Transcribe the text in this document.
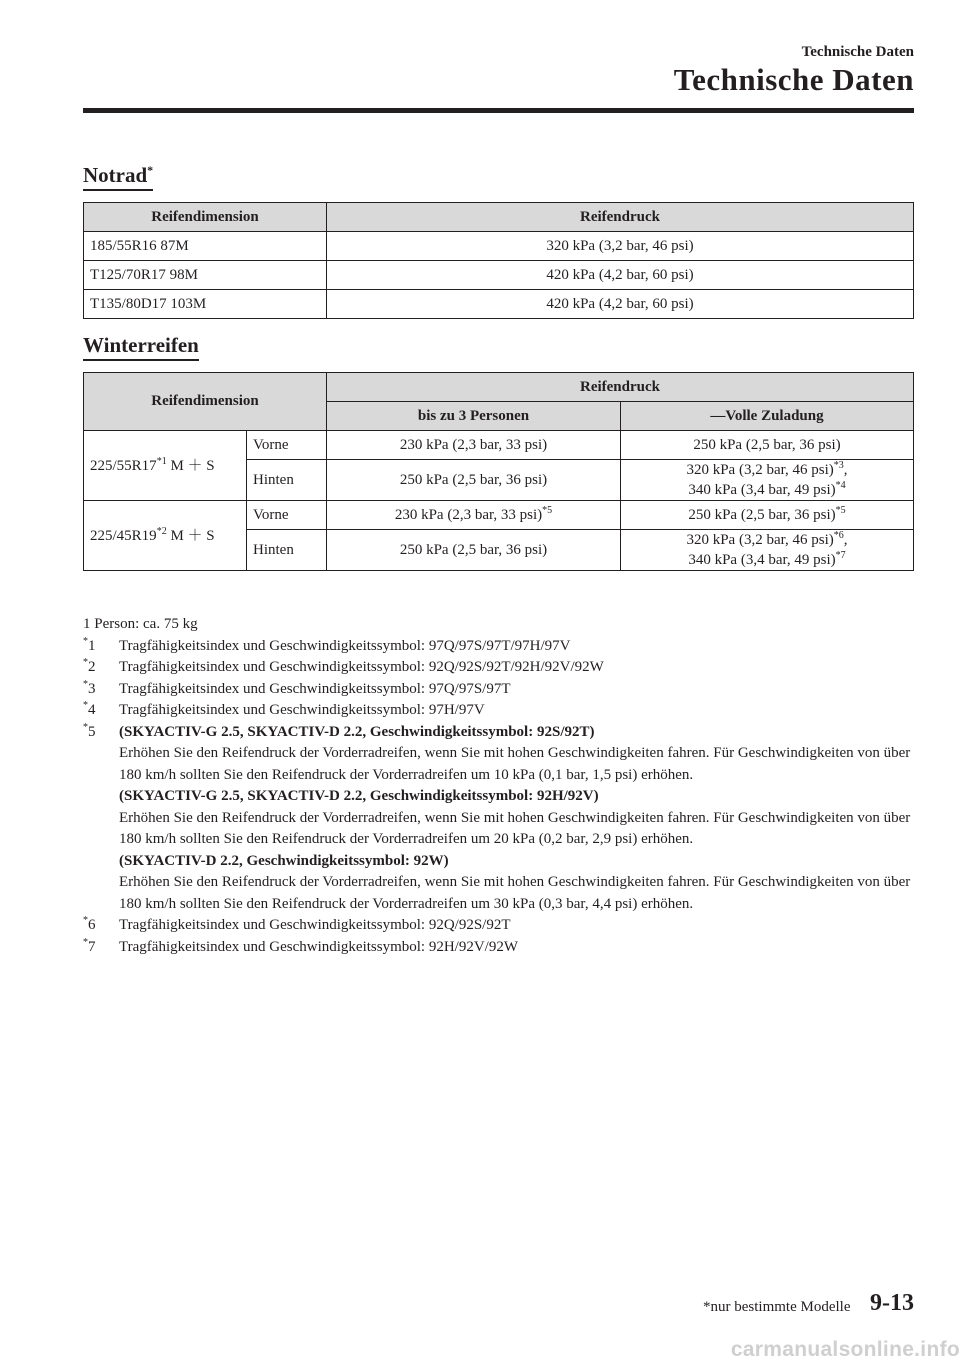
Technische Daten
Technische Daten
Notrad*
Reifendimension	Reifendruck
185/55R16 87M	320 kPa (3,2 bar, 46 psi)
T125/70R17 98M	420 kPa (4,2 bar, 60 psi)
T135/80D17 103M	420 kPa (4,2 bar, 60 psi)
Winterreifen
Reifendimension		Reifendruck	
		bis zu 3 Personen	―Volle Zuladung
225/55R17$^{*1}$ M ＋ S	Vorne	230 kPa (2,3 bar, 33 psi)	250 kPa (2,5 bar, 36 psi)
	Hinten	250 kPa (2,5 bar, 36 psi)	320 kPa (3,2 bar, 46 psi)$^{*3}$,
340 kPa (3,4 bar, 49 psi)$^{*4}$
225/45R19$^{*2}$ M ＋ S	Vorne	230 kPa (2,3 bar, 33 psi)$^{*5}$	250 kPa (2,5 bar, 36 psi)$^{*5}$
	Hinten	250 kPa (2,5 bar, 36 psi)	320 kPa (3,2 bar, 46 psi)$^{*6}$,
340 kPa (3,4 bar, 49 psi)$^{*7}$
1 Person: ca. 75 kg
*1	Tragfähigkeitsindex und Geschwindigkeitssymbol: 97Q/97S/97T/97H/97V
*2	Tragfähigkeitsindex und Geschwindigkeitssymbol: 92Q/92S/92T/92H/92V/92W
*3	Tragfähigkeitsindex und Geschwindigkeitssymbol: 97Q/97S/97T
*4	Tragfähigkeitsindex und Geschwindigkeitssymbol: 97H/97V
*5	(SKYACTIV-G 2.5, SKYACTIV-D 2.2, Geschwindigkeitssymbol: 92S/92T)
Erhöhen Sie den Reifendruck der Vorderradreifen, wenn Sie mit hohen Geschwindigkeiten fahren. Für Geschwindigkeiten von über 180 km/h sollten Sie den Reifendruck der Vorderradreifen um 10 kPa (0,1 bar, 1,5 psi) erhöhen.
(SKYACTIV-G 2.5, SKYACTIV-D 2.2, Geschwindigkeitssymbol: 92H/92V)
Erhöhen Sie den Reifendruck der Vorderradreifen, wenn Sie mit hohen Geschwindigkeiten fahren. Für Geschwindigkeiten von über 180 km/h sollten Sie den Reifendruck der Vorderradreifen um 20 kPa (0,2 bar, 2,9 psi) erhöhen.
(SKYACTIV-D 2.2, Geschwindigkeitssymbol: 92W)
Erhöhen Sie den Reifendruck der Vorderradreifen, wenn Sie mit hohen Geschwindigkeiten fahren. Für Geschwindigkeiten von über 180 km/h sollten Sie den Reifendruck der Vorderradreifen um 30 kPa (0,3 bar, 4,4 psi) erhöhen.
*6	Tragfähigkeitsindex und Geschwindigkeitssymbol: 92Q/92S/92T
*7	Tragfähigkeitsindex und Geschwindigkeitssymbol: 92H/92V/92W
*nur bestimmte Modelle 9-13
carmanualsonline.info
